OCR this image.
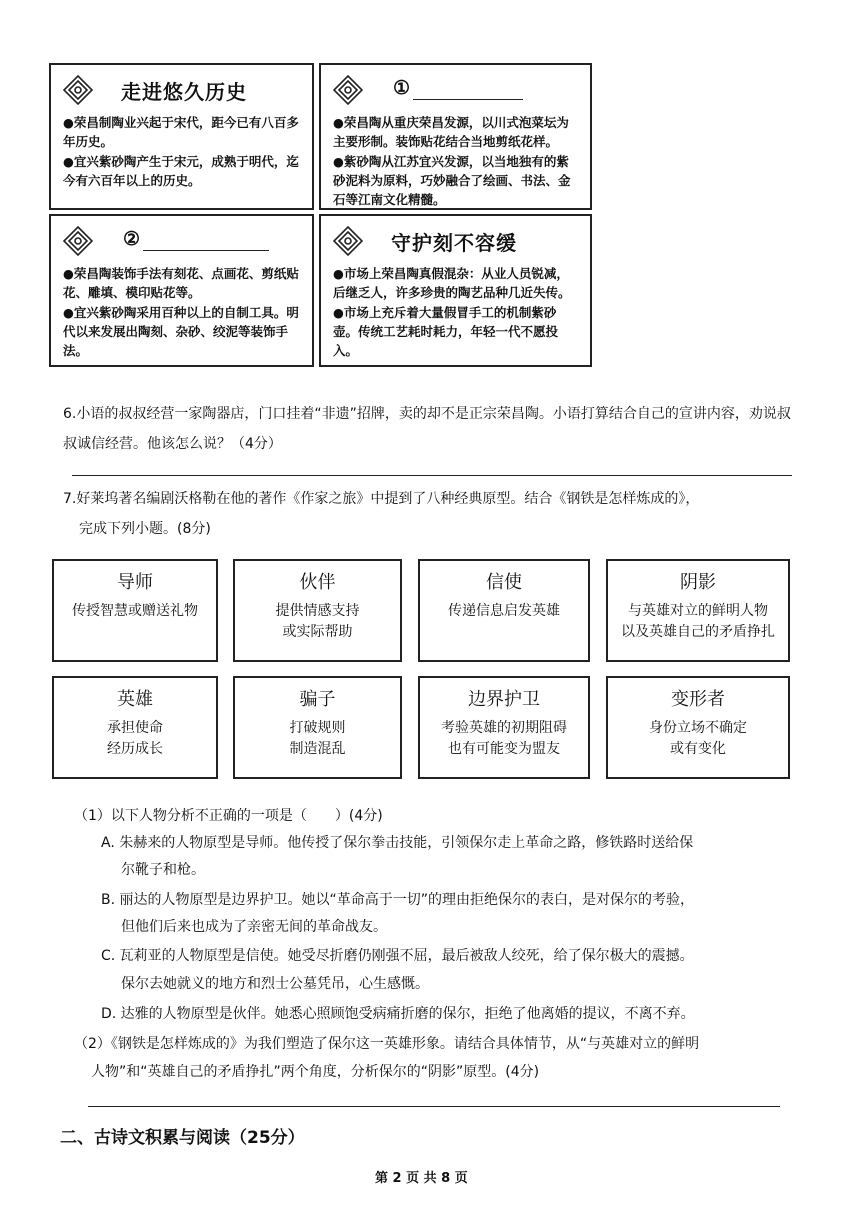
走进悠久历史
●荣昌制陶业兴起于宋代，距今已有八百多年历史。
●宜兴紫砂陶产生于宋元，成熟于明代，迄今有六百年以上的历史。
①
●荣昌陶从重庆荣昌发源，以川式泡菜坛为主要形制。装饰贴花结合当地剪纸花样。
●紫砂陶从江苏宜兴发源，以当地独有的紫砂泥料为原料，巧妙融合了绘画、书法、金石等江南文化精髓。
②
●荣昌陶装饰手法有刻花、点画花、剪纸贴花、雕填、模印贴花等。
●宜兴紫砂陶采用百种以上的自制工具。明代以来发展出陶刻、杂砂、绞泥等装饰手法。
守护刻不容缓
●市场上荣昌陶真假混杂：从业人员锐减，后继乏人，许多珍贵的陶艺品种几近失传。
●市场上充斥着大量假冒手工的机制紫砂壶。传统工艺耗时耗力，年轻一代不愿投入。
6.小语的叔叔经营一家陶器店，门口挂着“非遗”招牌，卖的却不是正宗荣昌陶。小语打算结合自己的宣讲内容，劝说叔叔诚信经营。他该怎么说？（4分）
7.好莱坞著名编剧沃格勒在他的著作《作家之旅》中提到了八种经典原型。结合《钢铁是怎样炼成的》，
完成下列小题。(8分)
导师
传授智慧或赠送礼物
伙伴
提供情感支持
或实际帮助
信使
传递信息启发英雄
阴影
与英雄对立的鲜明人物
以及英雄自己的矛盾挣扎
英雄
承担使命
经历成长
骗子
打破规则
制造混乱
边界护卫
考验英雄的初期阻碍
也有可能变为盟友
变形者
身份立场不确定
或有变化
（1）以下人物分析不正确的一项是（　　）(4分)
A. 朱赫来的人物原型是导师。他传授了保尔拳击技能，引领保尔走上革命之路，修铁路时送给保
尔靴子和枪。
B. 丽达的人物原型是边界护卫。她以“革命高于一切”的理由拒绝保尔的表白，是对保尔的考验，
但他们后来也成为了亲密无间的革命战友。
C. 瓦莉亚的人物原型是信使。她受尽折磨仍刚强不屈，最后被敌人绞死，给了保尔极大的震撼。
保尔去她就义的地方和烈士公墓凭吊，心生感慨。
D. 达雅的人物原型是伙伴。她悉心照顾饱受病痛折磨的保尔，拒绝了他离婚的提议，不离不弃。
（2）《钢铁是怎样炼成的》为我们塑造了保尔这一英雄形象。请结合具体情节，从“与英雄对立的鲜明
人物”和“英雄自己的矛盾挣扎”两个角度，分析保尔的“阴影”原型。(4分)
二、古诗文积累与阅读（25分）
第 2 页 共 8 页
